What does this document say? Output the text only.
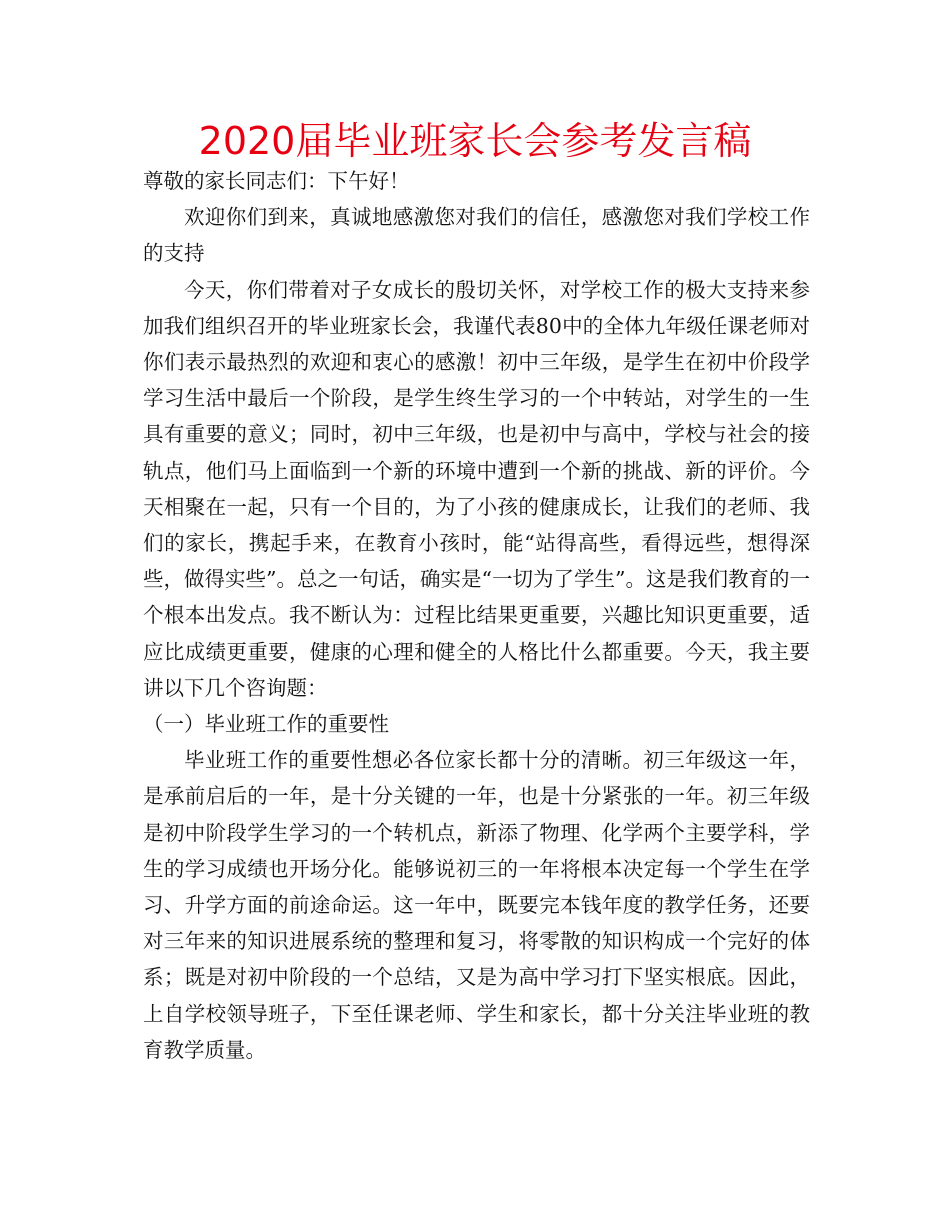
2020届毕业班家长会参考发言稿

尊敬的家长同志们：下午好！

欢迎你们到来，真诚地感激您对我们的信任，感激您对我们学校工作的支持

今天，你们带着对子女成长的殷切关怀，对学校工作的极大支持来参加我们组织召开的毕业班家长会，我谨代表80中的全体九年级任课老师对你们表示最热烈的欢迎和衷心的感激！初中三年级，是学生在初中价段学学习生活中最后一个阶段，是学生终生学习的一个中转站，对学生的一生具有重要的意义；同时，初中三年级，也是初中与高中，学校与社会的接轨点，他们马上面临到一个新的环境中遭到一个新的挑战、新的评价。今天相聚在一起，只有一个目的，为了小孩的健康成长，让我们的老师、我们的家长，携起手来，在教育小孩时，能“站得高些，看得远些，想得深些，做得实些”。总之一句话，确实是“一切为了学生”。这是我们教育的一个根本出发点。我不断认为：过程比结果更重要，兴趣比知识更重要，适应比成绩更重要，健康的心理和健全的人格比什么都重要。今天，我主要讲以下几个咨询题：

（一）毕业班工作的重要性

毕业班工作的重要性想必各位家长都十分的清晰。初三年级这一年，是承前启后的一年，是十分关键的一年，也是十分紧张的一年。初三年级是初中阶段学生学习的一个转机点，新添了物理、化学两个主要学科，学生的学习成绩也开场分化。能够说初三的一年将根本决定每一个学生在学习、升学方面的前途命运。这一年中，既要完本钱年度的教学任务，还要对三年来的知识进展系统的整理和复习，将零散的知识构成一个完好的体系；既是对初中阶段的一个总结，又是为高中学习打下坚实根底。因此，上自学校领导班子，下至任课老师、学生和家长，都十分关注毕业班的教育教学质量。
